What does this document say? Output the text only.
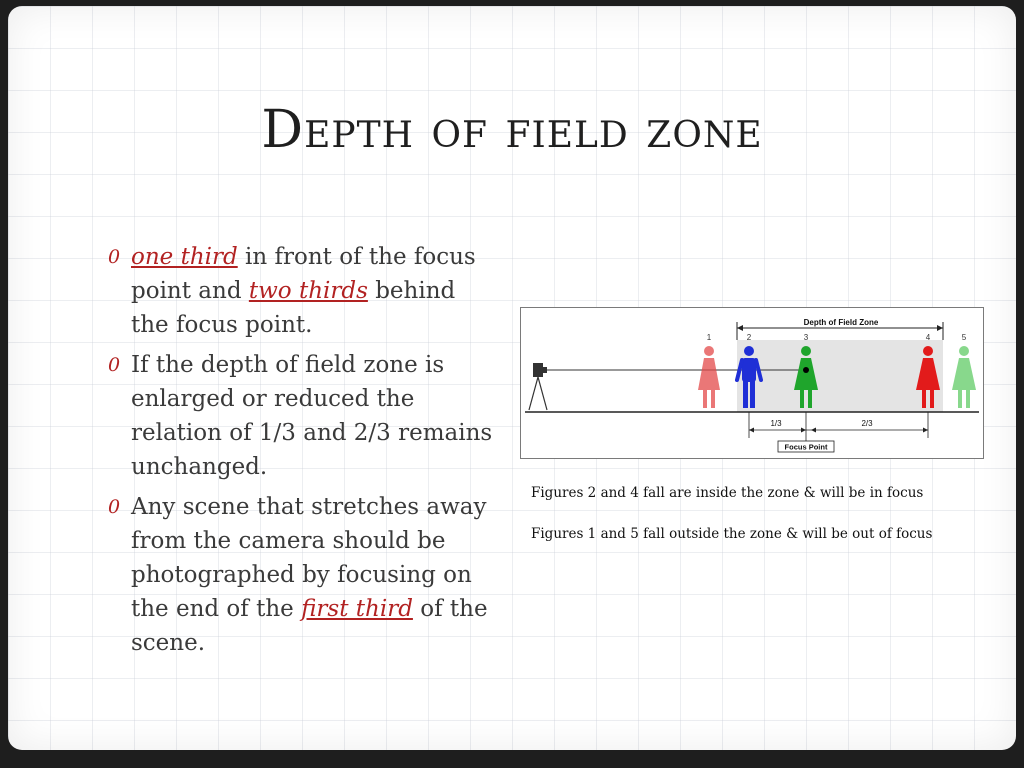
Depth of field zone
0 one third in front of the focus point and two thirds behind the focus point.
0 If the depth of field zone is enlarged or reduced the relation of 1/3 and 2/3 remains unchanged.
0 Any scene that stretches away from the camera should be photographed by focusing on the end of the first third of the scene.
Depth of Field Zone
1	2	3	4	5
1/3	2/3
Focus Point
Figures 2 and 4 fall are inside the zone & will be in focus
Figures 1 and 5 fall outside the zone & will be out of focus
